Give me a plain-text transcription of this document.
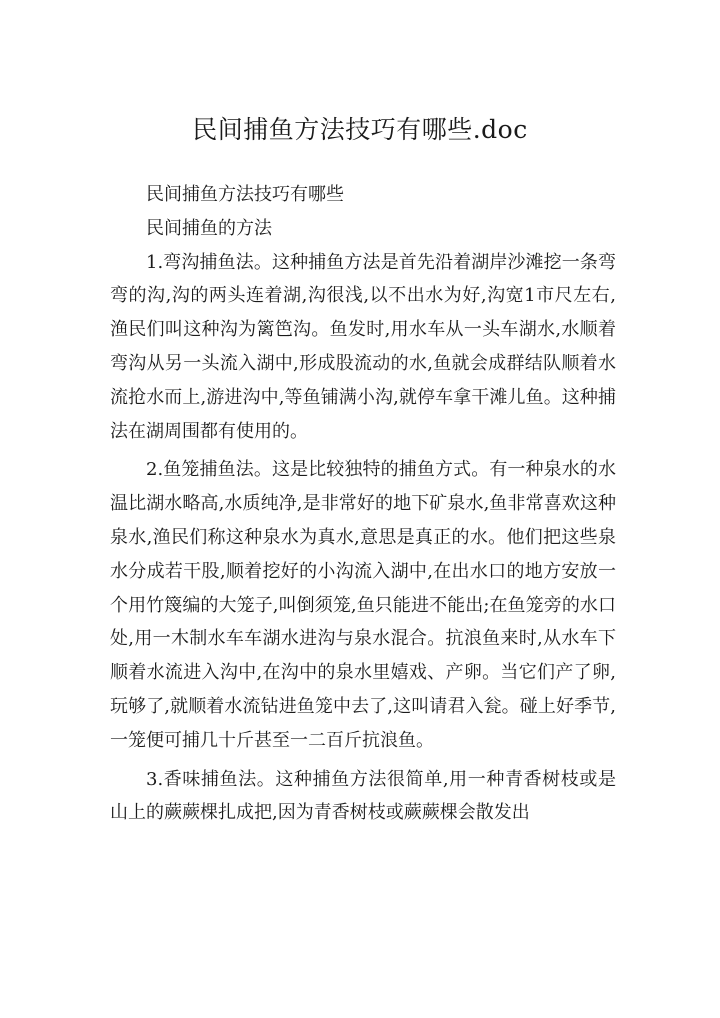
民间捕鱼方法技巧有哪些.doc

民间捕鱼方法技巧有哪些

民间捕鱼的方法

1.弯沟捕鱼法。这种捕鱼方法是首先沿着湖岸沙滩挖一条弯弯的沟,沟的两头连着湖,沟很浅,以不出水为好,沟宽1市尺左右,渔民们叫这种沟为篱笆沟。鱼发时,用水车从一头车湖水,水顺着弯沟从另一头流入湖中,形成股流动的水,鱼就会成群结队顺着水流抢水而上,游进沟中,等鱼铺满小沟,就停车拿干滩儿鱼。这种捕法在湖周围都有使用的。

2.鱼笼捕鱼法。这是比较独特的捕鱼方式。有一种泉水的水温比湖水略高,水质纯净,是非常好的地下矿泉水,鱼非常喜欢这种泉水,渔民们称这种泉水为真水,意思是真正的水。他们把这些泉水分成若干股,顺着挖好的小沟流入湖中,在出水口的地方安放一个用竹篾编的大笼子,叫倒须笼,鱼只能进不能出;在鱼笼旁的水口处,用一木制水车车湖水进沟与泉水混合。抗浪鱼来时,从水车下顺着水流进入沟中,在沟中的泉水里嬉戏、产卵。当它们产了卵,玩够了,就顺着水流钻进鱼笼中去了,这叫请君入瓮。碰上好季节,一笼便可捕几十斤甚至一二百斤抗浪鱼。

3.香味捕鱼法。这种捕鱼方法很简单,用一种青香树枝或是山上的蕨蕨棵扎成把,因为青香树枝或蕨蕨棵会散发出
